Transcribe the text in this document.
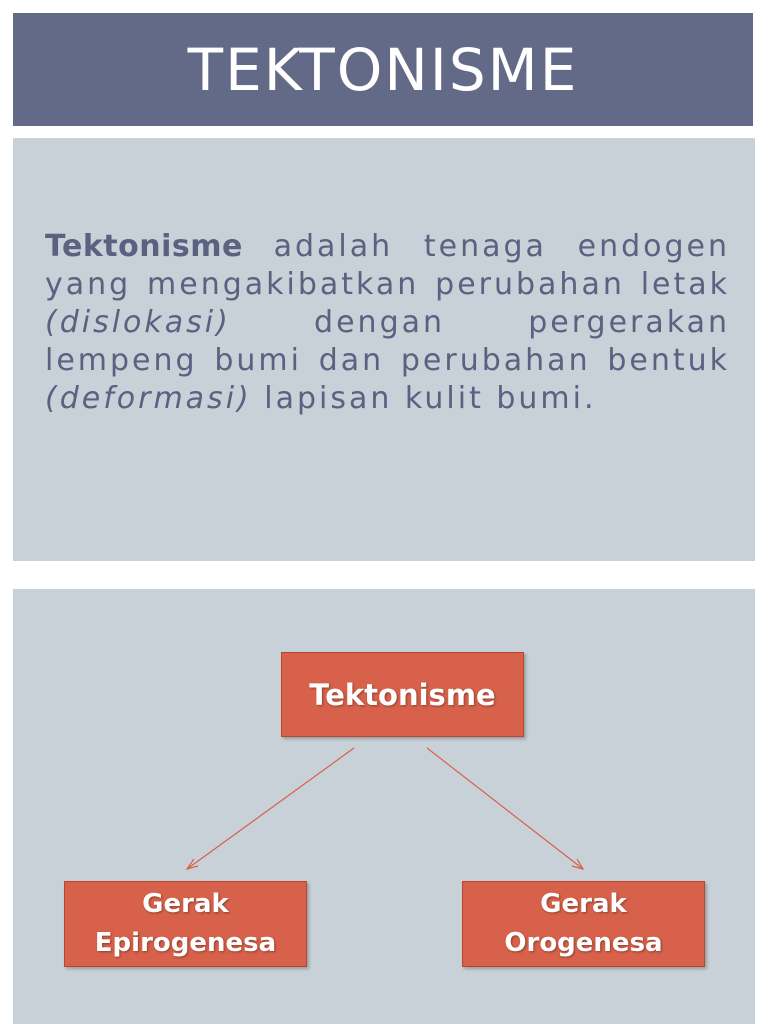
TEKTONISME

Tektonisme adalah tenaga endogen yang mengakibatkan perubahan letak (dislokasi) dengan pergerakan lempeng bumi dan perubahan bentuk (deformasi) lapisan kulit bumi.

Tektonisme
Gerak
Epirogenesa
Gerak
Orogenesa
